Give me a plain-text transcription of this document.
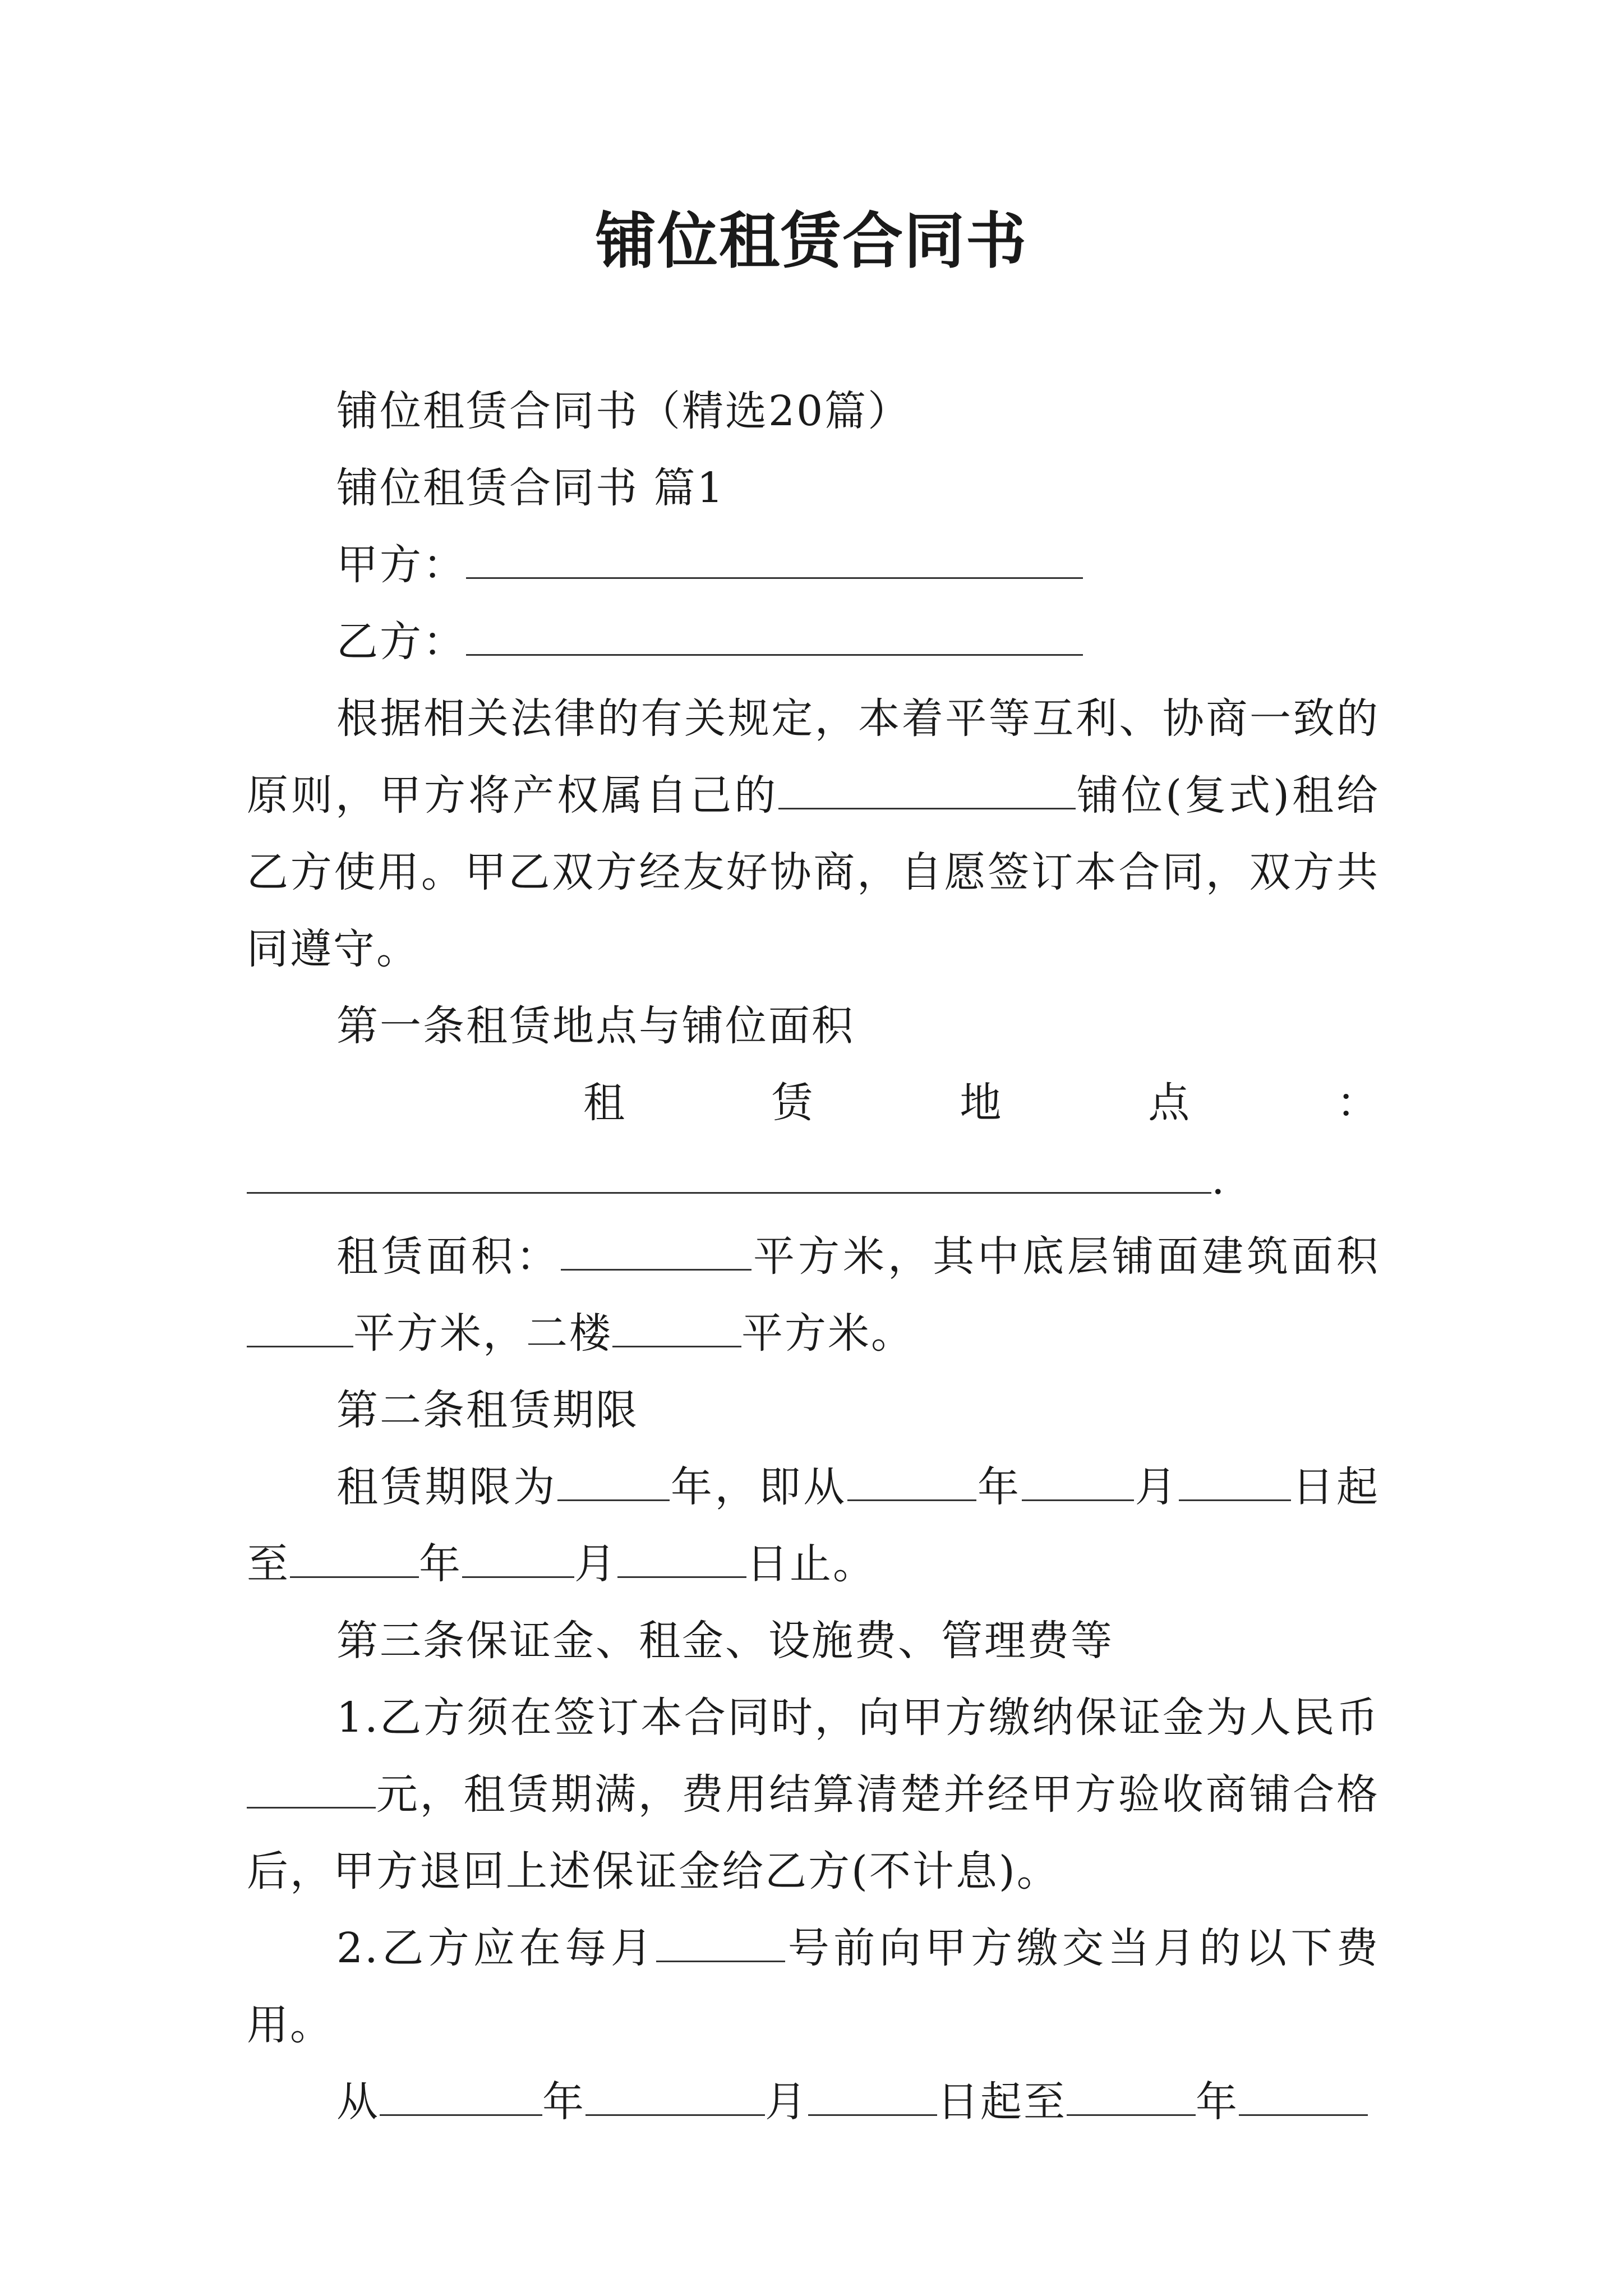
铺位租赁合同书

铺位租赁合同书（精选20篇）

铺位租赁合同书 篇1

甲方：

乙方：

根据相关法律的有关规定，本着平等互利、协商一致的原则，甲方将产权属自己的	铺位(复式)租给乙方使用。甲乙双方经友好协商，自愿签订本合同，双方共同遵守。

第一条租赁地点与铺位面积

租	赁	地	点	：

.

租赁面积：	平方米，其中底层铺面建筑面积平方米，二楼	平方米。

第二条租赁期限

租赁期限为	年，即从	年	月	日起至	年	月	日止。

第三条保证金、租金、设施费、管理费等

1.乙方须在签订本合同时，向甲方缴纳保证金为人民币元，租赁期满，费用结算清楚并经甲方验收商铺合格后，甲方退回上述保证金给乙方(不计息)。

2.乙方应在每月	号前向甲方缴交当月的以下费用。

从	年	月	日起至	年
